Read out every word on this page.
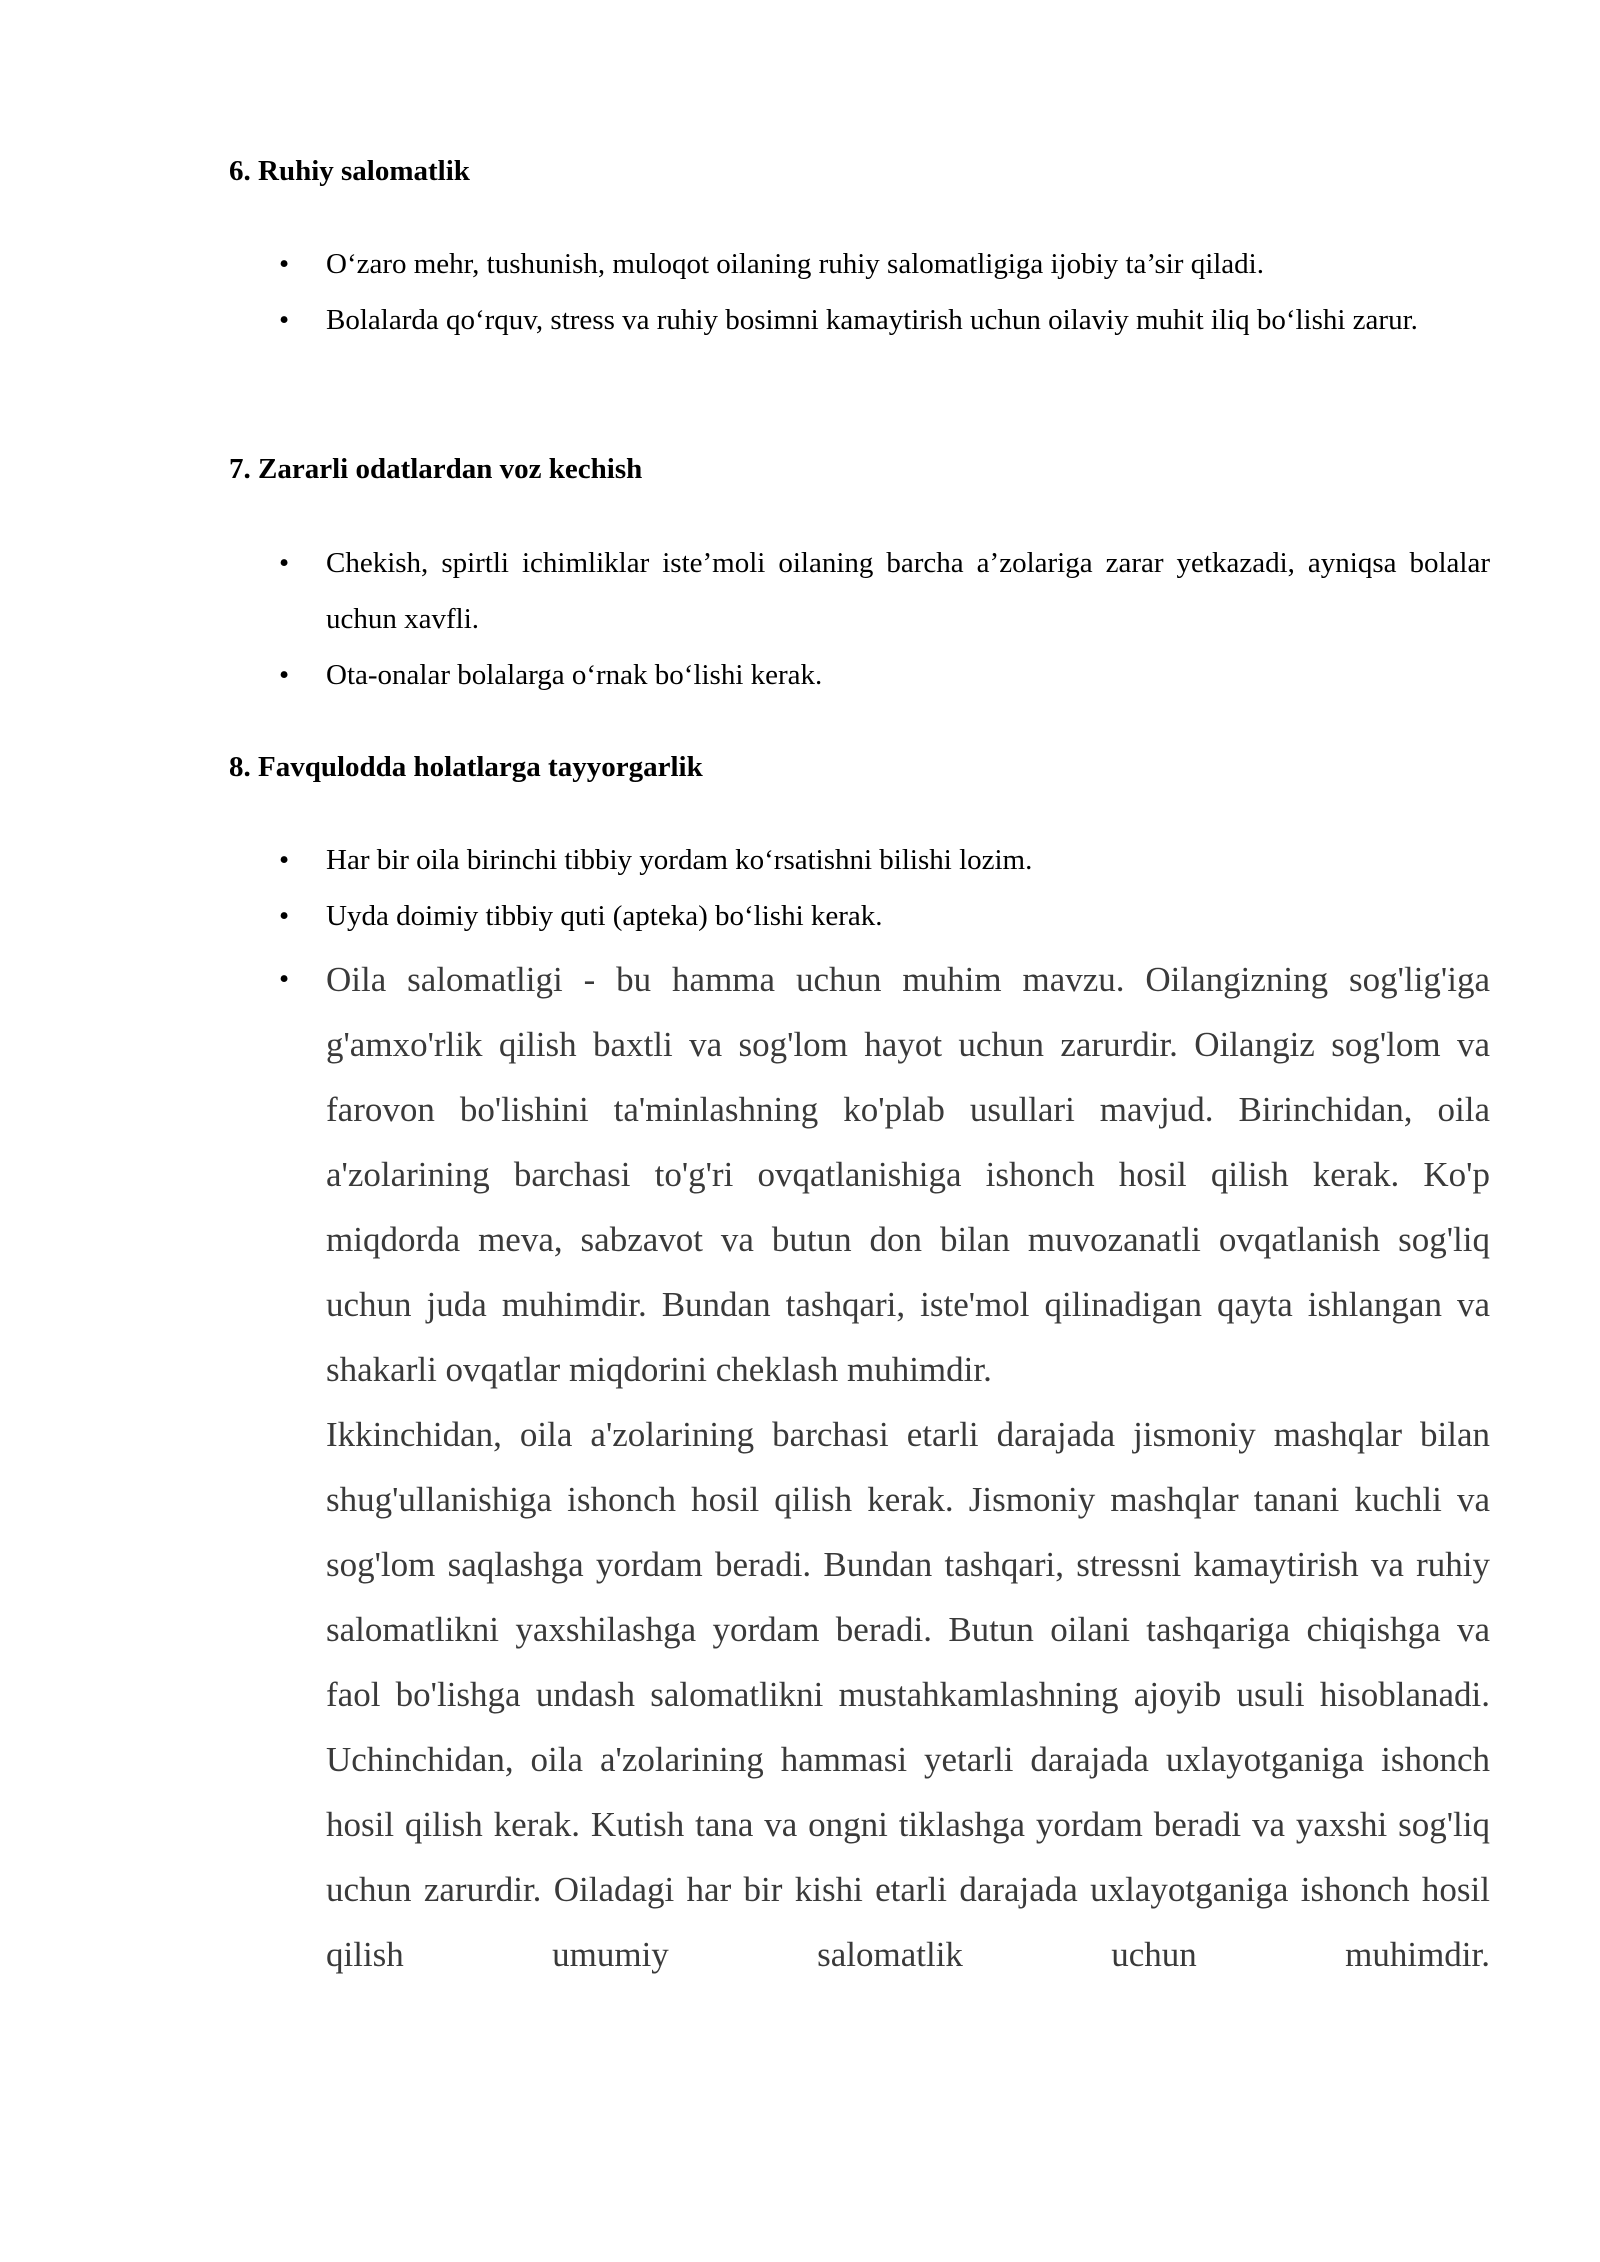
6. Ruhiy salomatlik
• O‘zaro mehr, tushunish, muloqot oilaning ruhiy salomatligiga ijobiy ta’sir qiladi.
• Bolalarda qo‘rquv, stress va ruhiy bosimni kamaytirish uchun oilaviy muhit iliq bo‘lishi zarur.
7. Zararli odatlardan voz kechish
• Chekish, spirtli ichimliklar iste’moli oilaning barcha a’zolariga zarar yetkazadi, ayniqsa bolalar uchun xavfli.
• Ota-onalar bolalarga o‘rnak bo‘lishi kerak.
8. Favqulodda holatlarga tayyorgarlik
• Har bir oila birinchi tibbiy yordam ko‘rsatishni bilishi lozim.
• Uyda doimiy tibbiy quti (apteka) bo‘lishi kerak.
• Oila salomatligi - bu hamma uchun muhim mavzu. Oilangizning sog'lig'iga g'amxo'rlik qilish baxtli va sog'lom hayot uchun zarurdir. Oilangiz sog'lom va farovon bo'lishini ta'minlashning ko'plab usullari mavjud. Birinchidan, oila a'zolarining barchasi to'g'ri ovqatlanishiga ishonch hosil qilish kerak. Ko'p miqdorda meva, sabzavot va butun don bilan muvozanatli ovqatlanish sog'liq uchun juda muhimdir. Bundan tashqari, iste'mol qilinadigan qayta ishlangan va shakarli ovqatlar miqdorini cheklash muhimdir.

Ikkinchidan, oila a'zolarining barchasi etarli darajada jismoniy mashqlar bilan shug'ullanishiga ishonch hosil qilish kerak. Jismoniy mashqlar tanani kuchli va sog'lom saqlashga yordam beradi. Bundan tashqari, stressni kamaytirish va ruhiy salomatlikni yaxshilashga yordam beradi. Butun oilani tashqariga chiqishga va faol bo'lishga undash salomatlikni mustahkamlashning ajoyib usuli hisoblanadi.

Uchinchidan, oila a'zolarining hammasi yetarli darajada uxlayotganiga ishonch hosil qilish kerak. Kutish tana va ongni tiklashga yordam beradi va yaxshi sog'liq uchun zarurdir. Oiladagi har bir kishi etarli darajada uxlayotganiga ishonch hosil qilish umumiy salomatlik uchun muhimdir.
